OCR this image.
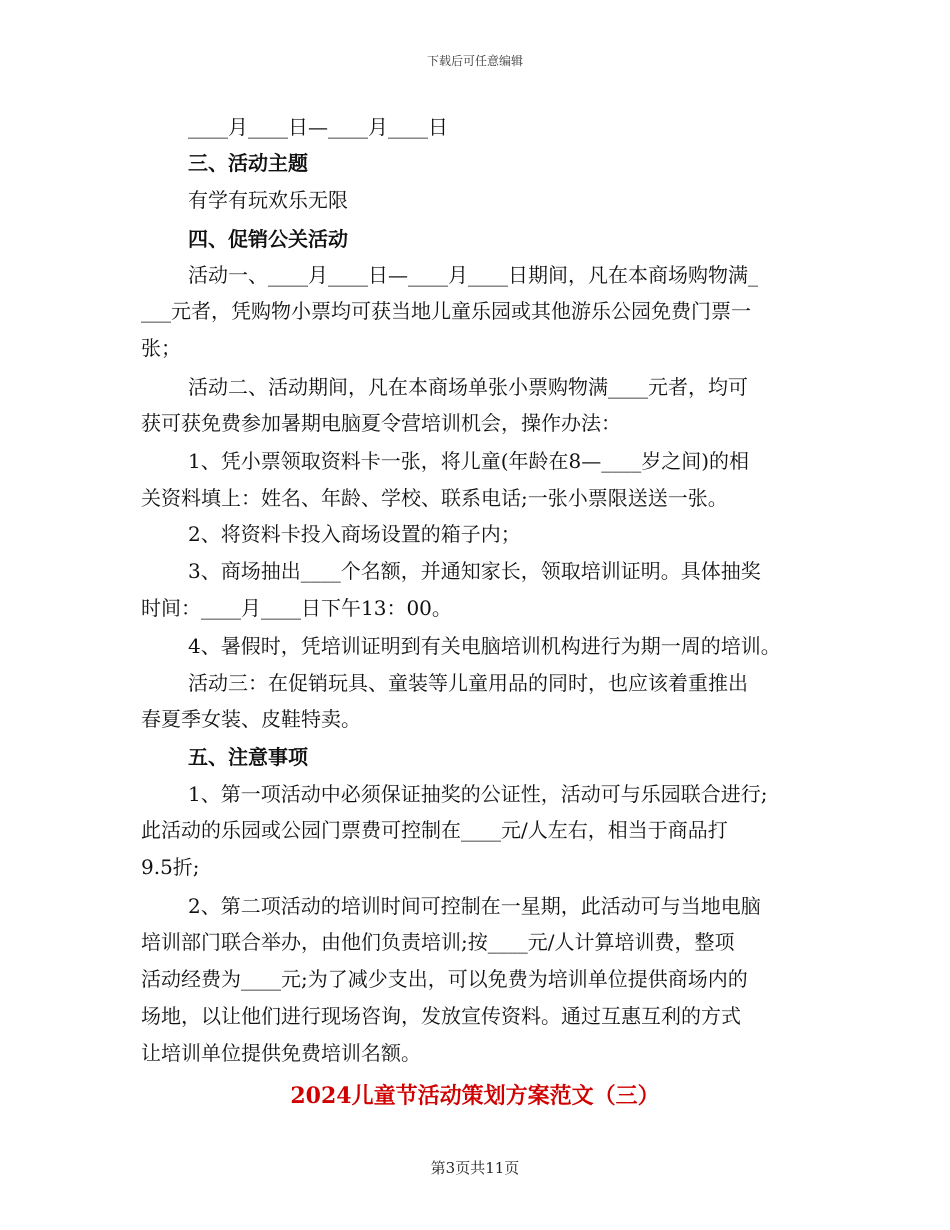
下载后可任意编辑
____月____日—____月____日
三、活动主题
有学有玩欢乐无限
四、促销公关活动
活动一、____月____日—____月____日期间，凡在本商场购物满_
___元者，凭购物小票均可获当地儿童乐园或其他游乐公园免费门票一
张；
活动二、活动期间，凡在本商场单张小票购物满____元者，均可
获可获免费参加暑期电脑夏令营培训机会，操作办法：
1、凭小票领取资料卡一张，将儿童(年龄在8—____岁之间)的相
关资料填上：姓名、年龄、学校、联系电话;一张小票限送送一张。
2、将资料卡投入商场设置的箱子内；
3、商场抽出____个名额，并通知家长，领取培训证明。具体抽奖
时间：____月____日下午13：00。
4、暑假时，凭培训证明到有关电脑培训机构进行为期一周的培训。
活动三：在促销玩具、童装等儿童用品的同时，也应该着重推出
春夏季女装、皮鞋特卖。
五、注意事项
1、第一项活动中必须保证抽奖的公证性，活动可与乐园联合进行;
此活动的乐园或公园门票费可控制在____元/人左右，相当于商品打
9.5折;
2、第二项活动的培训时间可控制在一星期，此活动可与当地电脑
培训部门联合举办，由他们负责培训;按____元/人计算培训费，整项
活动经费为____元;为了减少支出，可以免费为培训单位提供商场内的
场地，以让他们进行现场咨询，发放宣传资料。通过互惠互利的方式
让培训单位提供免费培训名额。
2024儿童节活动策划方案范文（三）
第3页共11页
